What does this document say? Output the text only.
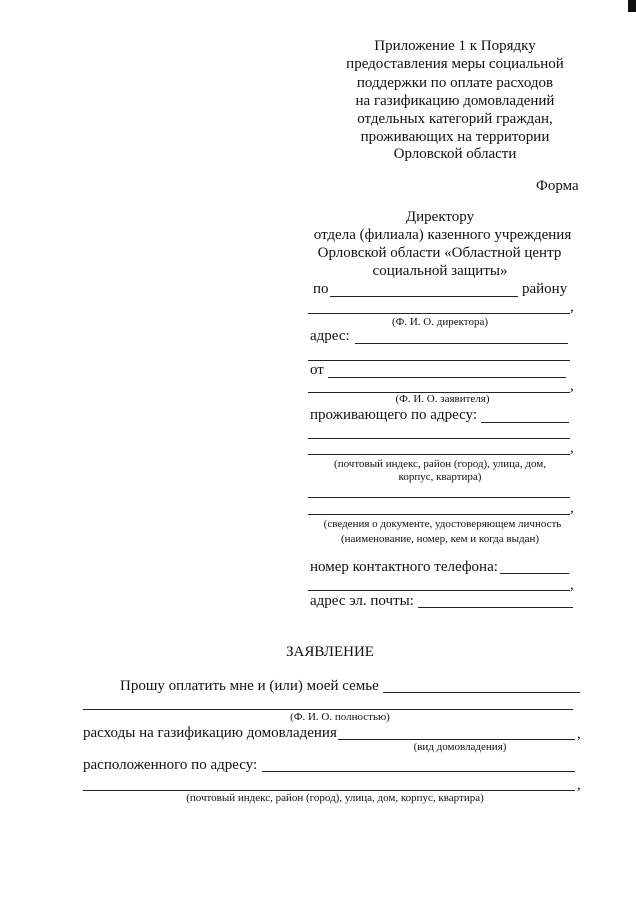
Приложение 1 к Порядку
предоставления меры социальной
поддержки по оплате расходов
на газификацию домовладений
отдельных категорий граждан,
проживающих на территории
Орловской области
Форма
Директору
отдела (филиала) казенного учреждения
Орловской области «Областной центр
социальной защиты»
по	району
,
(Ф. И. О. директора)
адрес:
от
,
(Ф. И. О. заявителя)
проживающего по адресу:
,
(почтовый индекс, район (город), улица, дом,
корпус, квартира)
,
(сведения о документе, удостоверяющем личность
(наименование, номер, кем и когда выдан)
номер контактного телефона:
,
адрес эл. почты:
ЗАЯВЛЕНИЕ
Прошу оплатить мне и (или) моей семье
(Ф. И. О. полностью)
расходы на газификацию домовладения	,
(вид домовладения)
расположенного по адресу:
,
(почтовый индекс, район (город), улица, дом, корпус, квартира)
